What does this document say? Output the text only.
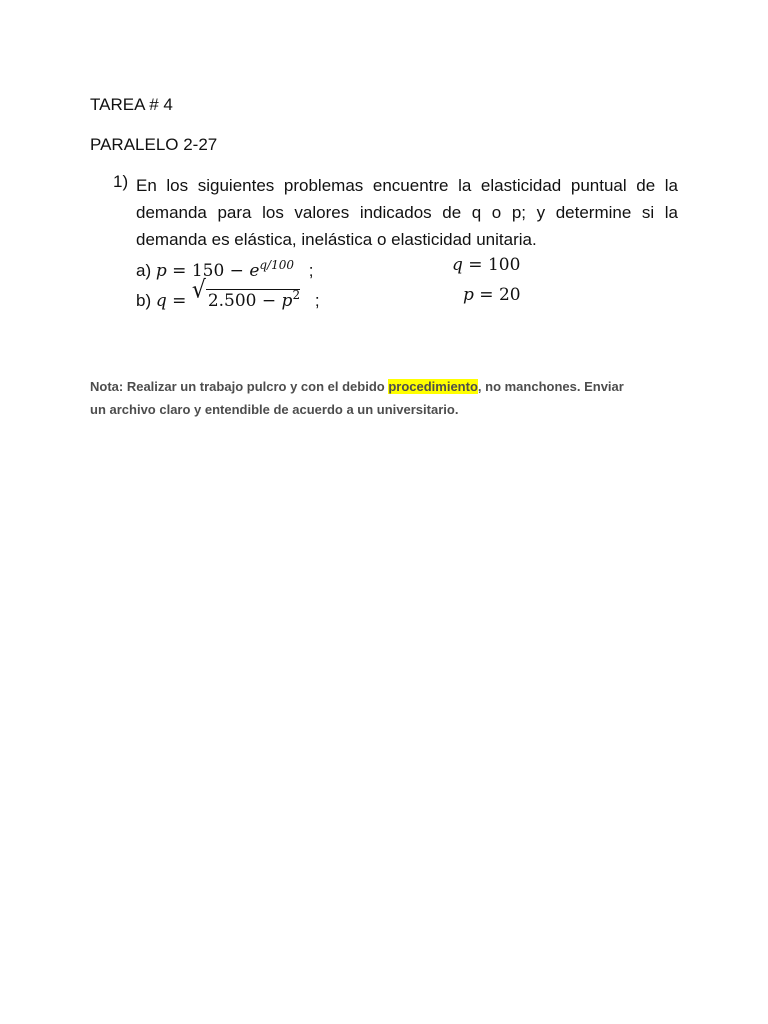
TAREA # 4
PARALELO 2-27
1) En los siguientes problemas encuentre la elasticidad puntual de la
demanda para los valores indicados de q o p; y determine si la
demanda es elástica, inelástica o elasticidad unitaria.
a) $p = 150 - e^{q/100}$ ;	q = 100
b) q = √ $2.500 - p^2$ ;	p = 20
Nota: Realizar un trabajo pulcro y con el debido procedimiento, no manchones. Enviar
un archivo claro y entendible de acuerdo a un universitario.
